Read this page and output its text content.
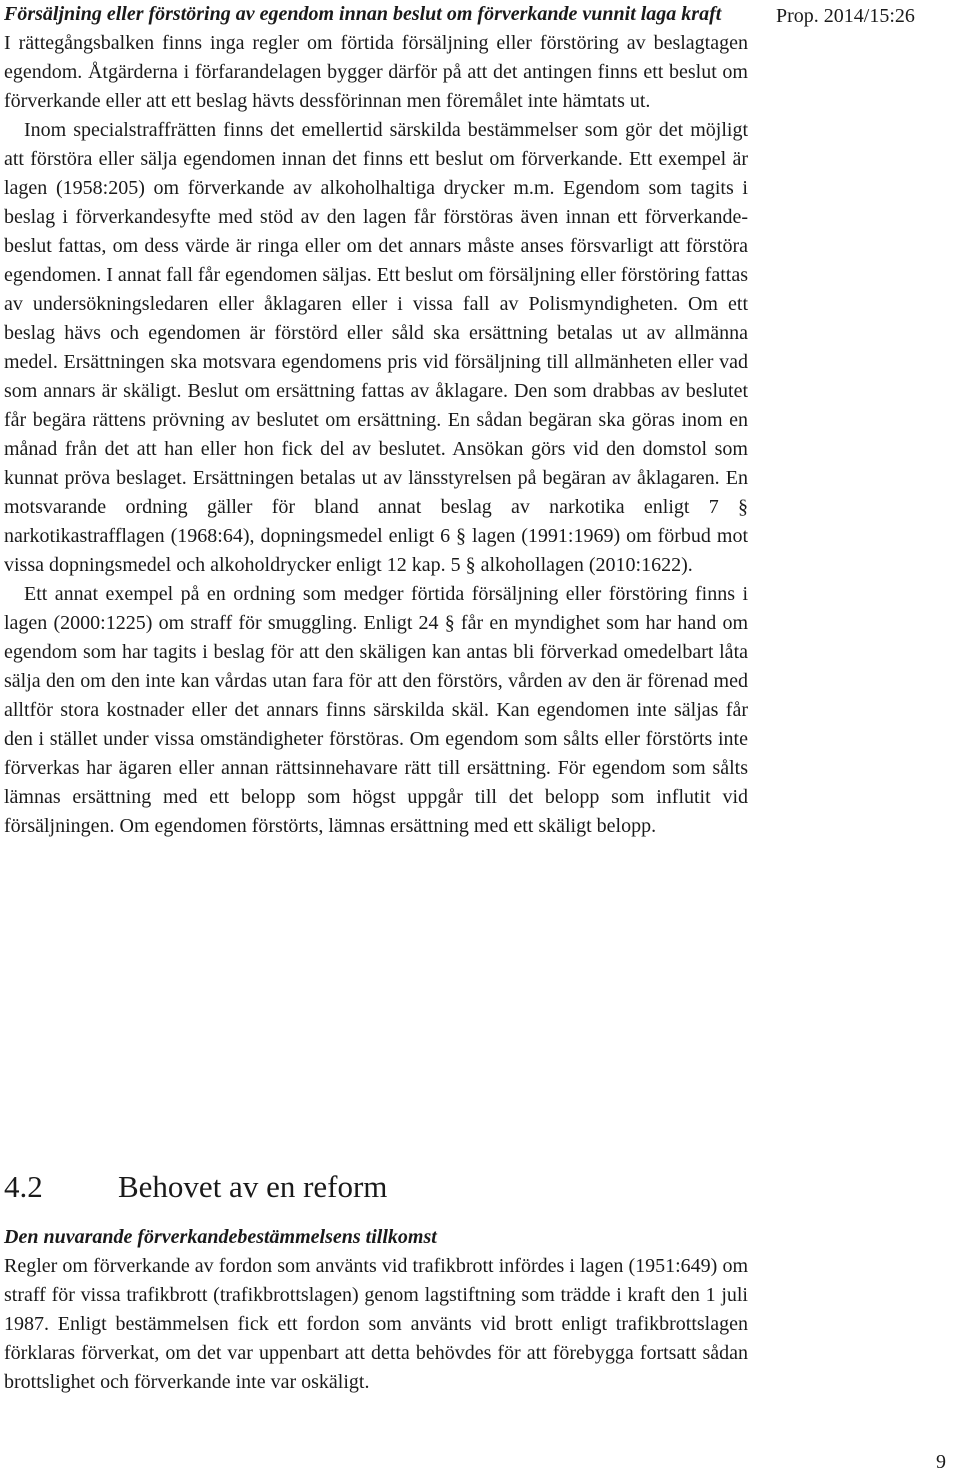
Prop. 2014/15:26
Försäljning eller förstöring av egendom innan beslut om förverkande vunnit laga kraft

I rättegångsbalken finns inga regler om förtida försäljning eller förstöring av beslagtagen egendom. Åtgärderna i förfarandelagen bygger därför på att det antingen finns ett beslut om förverkande eller att ett beslag hävts dessförinnan men föremålet inte hämtats ut.

Inom specialstraffrätten finns det emellertid särskilda bestämmelser som gör det möjligt att förstöra eller sälja egendomen innan det finns ett beslut om förverkande. Ett exempel är lagen (1958:205) om förverkande av alkoholhaltiga drycker m.m. Egendom som tagits i beslag i förverkandesyfte med stöd av den lagen får förstöras även innan ett förverkandebeslut fattas, om dess värde är ringa eller om det annars måste anses försvarligt att förstöra egendomen. I annat fall får egendomen säljas. Ett beslut om försäljning eller förstöring fattas av undersökningsledaren eller åklagaren eller i vissa fall av Polismyndigheten. Om ett beslag hävs och egendomen är förstörd eller såld ska ersättning betalas ut av allmänna medel. Ersättningen ska motsvara egendomens pris vid försäljning till allmänheten eller vad som annars är skäligt. Beslut om ersättning fattas av åklagare. Den som drabbas av beslutet får begära rättens prövning av beslutet om ersättning. En sådan begäran ska göras inom en månad från det att han eller hon fick del av beslutet. Ansökan görs vid den domstol som kunnat pröva beslaget. Ersättningen betalas ut av länsstyrelsen på begäran av åklagaren. En motsvarande ordning gäller för bland annat beslag av narkotika enligt 7 § narkotikastrafflagen (1968:64), dopningsmedel enligt 6 § lagen (1991:1969) om förbud mot vissa dopningsmedel och alkoholdrycker enligt 12 kap. 5 § alkohollagen (2010:1622).

Ett annat exempel på en ordning som medger förtida försäljning eller förstöring finns i lagen (2000:1225) om straff för smuggling. Enligt 24 § får en myndighet som har hand om egendom som har tagits i beslag för att den skäligen kan antas bli förverkad omedelbart låta sälja den om den inte kan vårdas utan fara för att den förstörs, vården av den är förenad med alltför stora kostnader eller det annars finns särskilda skäl. Kan egendomen inte säljas får den i stället under vissa omständigheter förstöras. Om egendom som sålts eller förstörts inte förverkas har ägaren eller annan rättsinnehavare rätt till ersättning. För egendom som sålts lämnas ersättning med ett belopp som högst uppgår till det belopp som influtit vid försäljningen. Om egendomen förstörts, lämnas ersättning med ett skäligt belopp.

4.2 Behovet av en reform
Den nuvarande förverkandebestämmelsens tillkomst

Regler om förverkande av fordon som använts vid trafikbrott infördes i lagen (1951:649) om straff för vissa trafikbrott (trafikbrottslagen) genom lagstiftning som trädde i kraft den 1 juli 1987. Enligt bestämmelsen fick ett fordon som använts vid brott enligt trafikbrottslagen förklaras förverkat, om det var uppenbart att detta behövdes för att förebygga fortsatt sådan brottslighet och förverkande inte var oskäligt.

9
